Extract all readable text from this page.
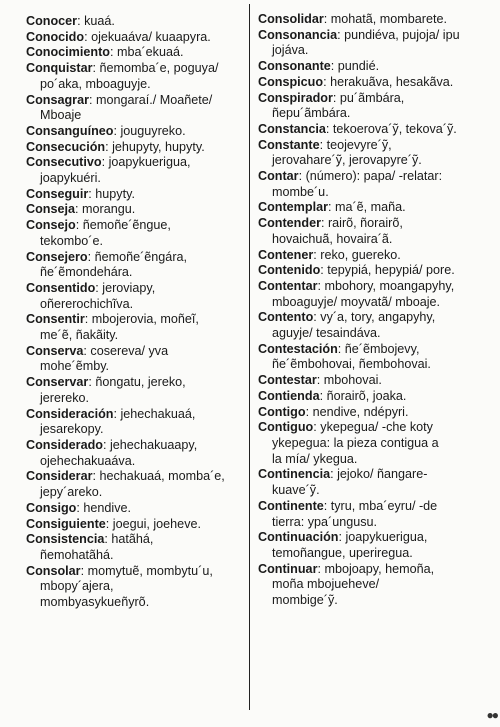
Conocer: kuaá.
Conocido: ojekuaáva/ kuaapyra.
Conocimiento: mba´ekuaá.
Conquistar: ñemomba´e, poguya/
po´aka, mboaguyje.
Consagrar: mongaraí./ Moañete/
Mboaje
Consanguíneo: jouguyreko.
Consecución: jehupyty, hupyty.
Consecutivo: joapykuerigua,
joapykuéri.
Conseguir: hupyty.
Conseja: morangu.
Consejo: ñemoñe´ẽngue,
tekombo´e.
Consejero: ñemoñe´ẽngára,
ñe´ẽmondehára.
Consentido: jeroviapy,
oñererochichĩva.
Consentir: mbojerovia, moñeĩ,
me´ẽ, ñakãity.
Conserva: cosereva/ yva
mohe´ẽmby.
Conservar: ñongatu, jereko,
jererekо.
Consideración: jehechakuaá,
jesarekopy.
Considerado: jehechakuaapy,
ojehechakuaáva.
Considerar: hechakuaá, momba´e,
jepy´areko.
Consigo: hendive.
Consiguiente: joegui, joeheve.
Consistencia: hatãhá,
ñemohatãhá.
Consolar: momytuẽ, mombytu´u,
mbopy´ajera,
mombyasykueñyrõ.
Consolidar: mohatã, mombarete.
Consonancia: pundiéva, pujoja/ ipu
jojáva.
Consonante: pundié.
Conspicuo: herakuãva, hesakãva.
Conspirador: pu´ãmbára,
ñepu´ãmbára.
Constancia: tekoerova´ỹ, tekova´ỹ.
Constante: teojevyre´ỹ,
jerovahare´ỹ, jerovapyre´ỹ.
Contar: (número): papa/ -relatar:
mombe´u.
Contemplar: ma´ẽ, maña.
Contender: rairõ, ñorairõ,
hovaichuã, hovaira´ã.
Contener: reko, guereko.
Contenido: tepypiá, hepypiá/ pore.
Contentar: mbohory, moangapyhy,
mboaguyje/ moyvatã/ mboaje.
Contento: vy´a, tory, angapyhy,
aguyje/ tesaindáva.
Contestación: ñe´ẽmbojevy,
ñe´ẽmbohovai, ñembohovai.
Contestar: mbohovai.
Contienda: ñorairõ, joaka.
Contigo: nendive, ndépyri.
Contiguo: ykepegua/ -che koty
ykepegua: la pieza contigua a
la mía/ ykegua.
Continencia: jejoko/ ñangare-
kuave´ỹ.
Continente: tyru, mba´eyru/ -de
tierra: ypa´ungusu.
Continuación: joapykuerigua,
temoñangue, uperiregua.
Continuar: mbojoapy, hemoña,
moña mbojueheve/
mombige´ỹ.
●●
